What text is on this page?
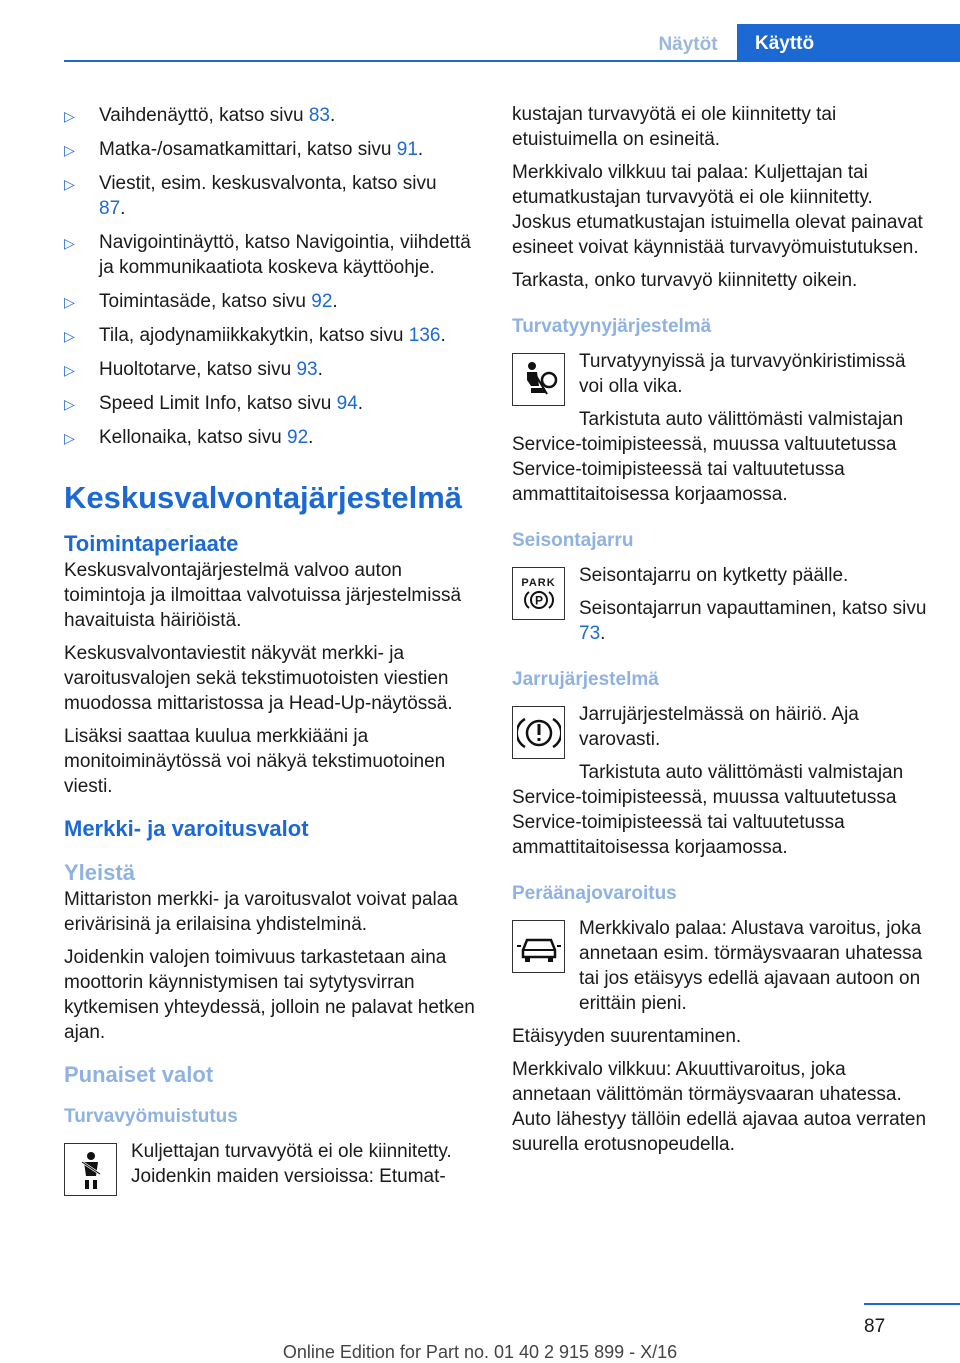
Näytöt	Käyttö
▷ Vaihdenäyttö, katso sivu 83.
▷ Matka-/osamatkamittari, katso sivu 91.
▷ Viestit, esim. keskusvalvonta, katso sivu 87.
▷ Navigointinäyttö, katso Navigointia, viihdettä ja kommunikaatiota koskeva käyttöohje.
▷ Toimintasäde, katso sivu 92.
▷ Tila, ajodynamiikkakytkin, katso sivu 136.
▷ Huoltotarve, katso sivu 93.
▷ Speed Limit Info, katso sivu 94.
▷ Kellonaika, katso sivu 92.
Keskusvalvontajärjestelmä
Toimintaperiaate

Keskusvalvontajärjestelmä valvoo auton toimintoja ja ilmoittaa valvotuissa järjestelmissä havaituista häiriöistä.

Keskusvalvontaviestit näkyvät merkki- ja varoitusvalojen sekä tekstimuotoisten viestien muodossa mittaristossa ja Head-Up-näytössä.

Lisäksi saattaa kuulua merkkiääni ja monitoiminäytössä voi näkyä tekstimuotoinen viesti.

Merkki- ja varoitusvalot
Yleistä

Mittariston merkki- ja varoitusvalot voivat palaa erivärisinä ja erilaisina yhdistelminä.

Joidenkin valojen toimivuus tarkastetaan aina moottorin käynnistymisen tai sytytysvirran kytkemisen yhteydessä, jolloin ne palavat hetken ajan.

Punaiset valot
Turvavyömuistutus
Kuljettajan turvavyötä ei ole kiinnitetty. Joidenkin maiden versioissa: Etumat-

kustajan turvavyötä ei ole kiinnitetty tai etuistuimella on esineitä.

Merkkivalo vilkkuu tai palaa: Kuljettajan tai etumatkustajan turvavyötä ei ole kiinnitetty. Joskus etumatkustajan istuimella olevat painavat esineet voivat käynnistää turvavyömuistutuksen.

Tarkasta, onko turvavyö kiinnitetty oikein.

Turvatyynyjärjestelmä
Turvatyynyissä ja turvavyönkiristimissä voi olla vika.

Tarkistuta auto välittömästi valmistajan Service-toimipisteessä, muussa valtuutetussa Service-toimipisteessä tai valtuutetussa ammattitaitoisessa korjaamossa.

Seisontajarru
PARK
P

Seisontajarru on kytketty päälle.

Seisontajarrun vapauttaminen, katso sivu 73.

Jarrujärjestelmä
Jarrujärjestelmässä on häiriö. Aja varovasti.

Tarkistuta auto välittömästi valmistajan Service-toimipisteessä, muussa valtuutetussa Service-toimipisteessä tai valtuutetussa ammattitaitoisessa korjaamossa.

Peräänajovaroitus
Merkkivalo palaa: Alustava varoitus, joka annetaan esim. törmäysvaaran uhatessa tai jos etäisyys edellä ajavaan autoon on erittäin pieni.

Etäisyyden suurentaminen.

Merkkivalo vilkkuu: Akuuttivaroitus, joka annetaan välittömän törmäysvaaran uhatessa. Auto lähestyy tällöin edellä ajavaa autoa verraten suurella erotusnopeudella.

87
Online Edition for Part no. 01 40 2 915 899 - X/16
